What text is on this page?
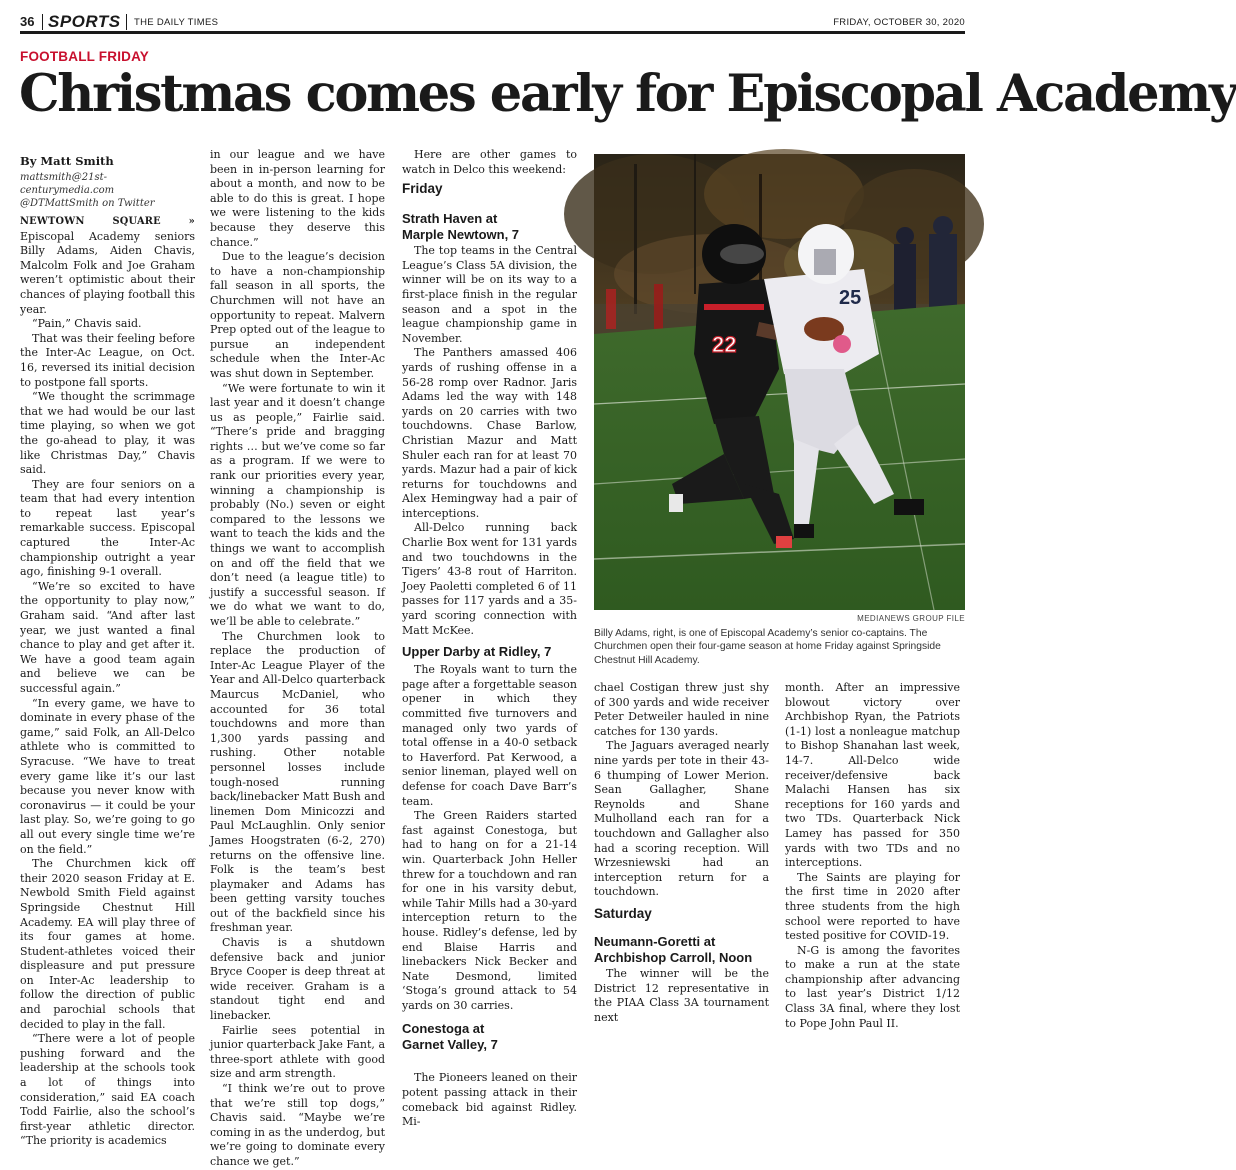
36 SPORTS THE DAILY TIMES	FRIDAY, OCTOBER 30, 2020
FOOTBALL FRIDAY
Christmas comes early for Episcopal Academy
By Matt Smith
mattsmith@21st-centurymedia.com
@DTMattSmith on Twitter

NEWTOWN SQUARE » Episcopal Academy seniors Billy Adams, Aiden Chavis, Malcolm Folk and Joe Graham weren’t optimistic about their chances of playing football this year.

“Pain,” Chavis said.

That was their feeling before the Inter-Ac League, on Oct. 16, reversed its initial decision to postpone fall sports.

“We thought the scrimmage that we had would be our last time playing, so when we got the go-ahead to play, it was like Christmas Day,” Chavis said.

They are four seniors on a team that had every intention to repeat last year’s remarkable success. Episcopal captured the Inter-Ac championship outright a year ago, finishing 9-1 overall.

“We’re so excited to have the opportunity to play now,” Graham said. “And after last year, we just wanted a final chance to play and get after it. We have a good team again and believe we can be successful again.”

“In every game, we have to dominate in every phase of the game,” said Folk, an All-Delco athlete who is committed to Syracuse. “We have to treat every game like it’s our last because you never know with coronavirus — it could be your last play. So, we’re going to go all out every single time we’re on the field.”

The Churchmen kick off their 2020 season Friday at E. Newbold Smith Field against Springside Chestnut Hill Academy. EA will play three of its four games at home. Student-athletes voiced their displeasure and put pressure on Inter-Ac leadership to follow the direction of public and parochial schools that decided to play in the fall.

“There were a lot of people pushing forward and the leadership at the schools took a lot of things into consideration,” said EA coach Todd Fairlie, also the school’s first-year athletic director. “The priority is academics

in our league and we have been in in-person learning for about a month, and now to be able to do this is great. I hope we were listening to the kids because they deserve this chance.”

Due to the league’s decision to have a non-championship fall season in all sports, the Churchmen will not have an opportunity to repeat. Malvern Prep opted out of the league to pursue an independent schedule when the Inter-Ac was shut down in September.

“We were fortunate to win it last year and it doesn’t change us as people,” Fairlie said. “There’s pride and bragging rights … but we’ve come so far as a program. If we were to rank our priorities every year, winning a championship is probably (No.) seven or eight compared to the lessons we want to teach the kids and the things we want to accomplish on and off the field that we don’t need (a league title) to justify a successful season. If we do what we want to do, we’ll be able to celebrate.”

The Churchmen look to replace the production of Inter-Ac League Player of the Year and All-Delco quarterback Maurcus McDaniel, who accounted for 36 total touchdowns and more than 1,300 yards passing and rushing. Other notable personnel losses include tough-nosed running back/linebacker Matt Bush and linemen Dom Minicozzi and Paul McLaughlin. Only senior James Hoogstraten (6-2, 270) returns on the offensive line. Folk is the team’s best playmaker and Adams has been getting varsity touches out of the backfield since his freshman year.

Chavis is a shutdown defensive back and junior Bryce Cooper is deep threat at wide receiver. Graham is a standout tight end and linebacker.

Fairlie sees potential in junior quarterback Jake Fant, a three-sport athlete with good size and arm strength.

“I think we’re out to prove that we’re still top dogs,” Chavis said. “Maybe we’re coming in as the underdog, but we’re going to dominate every chance we get.”

Here are other games to watch in Delco this weekend:

Friday
Strath Haven at
Marple Newtown, 7

The top teams in the Central League’s Class 5A division, the winner will be on its way to a first-place finish in the regular season and a spot in the league championship game in November.

The Panthers amassed 406 yards of rushing offense in a 56-28 romp over Radnor. Jaris Adams led the way with 148 yards on 20 carries with two touchdowns. Chase Barlow, Christian Mazur and Matt Shuler each ran for at least 70 yards. Mazur had a pair of kick returns for touchdowns and Alex Hemingway had a pair of interceptions.

All-Delco running back Charlie Box went for 131 yards and two touchdowns in the Tigers’ 43-8 rout of Harriton. Joey Paoletti completed 6 of 11 passes for 117 yards and a 35-yard scoring connection with Matt McKee.

Upper Darby at Ridley, 7

The Royals want to turn the page after a forgettable season opener in which they committed five turnovers and managed only two yards of total offense in a 40-0 setback to Haverford. Pat Kerwood, a senior lineman, played well on defense for coach Dave Barr’s team.

The Green Raiders started fast against Conestoga, but had to hang on for a 21-14 win. Quarterback John Heller threw for a touchdown and ran for one in his varsity debut, while Tahir Mills had a 30-yard interception return to the house. Ridley’s defense, led by end Blaise Harris and linebackers Nick Becker and Nate Desmond, limited ‘Stoga’s ground attack to 54 yards on 30 carries.

Conestoga at
Garnet Valley, 7

The Pioneers leaned on their potent passing attack in their comeback bid against Ridley. Mi-

22
25
MEDIANEWS GROUP FILE
Billy Adams, right, is one of Episcopal Academy’s senior co-captains. The Churchmen open their four-game season at home Friday against Springside Chestnut Hill Academy.

chael Costigan threw just shy of 300 yards and wide receiver Peter Detweiler hauled in nine catches for 130 yards.

The Jaguars averaged nearly nine yards per tote in their 43-6 thumping of Lower Merion. Sean Gallagher, Shane Reynolds and Shane Mulholland each ran for a touchdown and Gallagher also had a scoring reception. Will Wrzesniewski had an interception return for a touchdown.

Saturday
Neumann-Goretti at
Archbishop Carroll, Noon

The winner will be the District 12 representative in the PIAA Class 3A tournament next

month. After an impressive blowout victory over Archbishop Ryan, the Patriots (1-1) lost a nonleague matchup to Bishop Shanahan last week, 14-7. All-Delco wide receiver/defensive back Malachi Hansen has six receptions for 160 yards and two TDs. Quarterback Nick Lamey has passed for 350 yards with two TDs and no interceptions.

The Saints are playing for the first time in 2020 after three students from the high school were reported to have tested positive for COVID-19.

N-G is among the favorites to make a run at the state championship after advancing to last year’s District 1/12 Class 3A final, where they lost to Pope John Paul II.
